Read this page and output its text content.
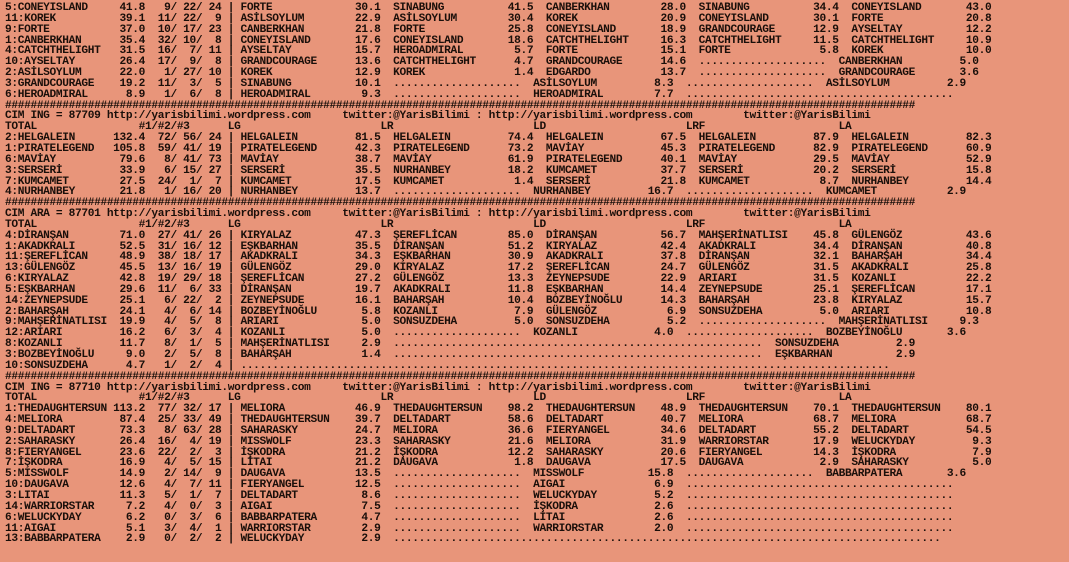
5:CONEYISLAND     41.8   9/ 22/ 24 | FORTE             30.1  SINABUNG          41.5  CANBERKHAN        28.0  SINABUNG          34.4  CONEYISLAND       43.0
11:KOREK          39.1  11/ 22/  9 | ASİLSOYLUM        22.9  ASİLSOYLUM        30.4  KOREK             20.9  CONEYISLAND       30.1  FORTE             20.8
9:FORTE           37.0  10/ 17/ 23 | CANBERKHAN        21.8  FORTE             25.8  CONEYISLAND       18.9  GRANDCOURAGE      12.9  AYSELTAY          12.2
1:CANBERKHAN      35.4  32/ 10/  8 | CONEYISLAND       17.6  CONEYISLAND       18.6  CATCHTHELIGHT     16.3  CATCHTHELIGHT     11.5  CATCHTHELIGHT     10.9
4:CATCHTHELIGHT   31.5  16/  7/ 11 | AYSELTAY          15.7  HEROADMIRAL        5.7  FORTE             15.1  FORTE              5.8  KOREK             10.0
10:AYSELTAY       26.4  17/  9/  8 | GRANDCOURAGE      13.6  CATCHTHELIGHT      4.7  GRANDCOURAGE      14.6  ....................  CANBERKHAN         5.0
2:ASİLSOYLUM      22.0   1/ 27/ 10 | KOREK             12.9  KOREK              1.4  EDGARDO           13.7  ....................  GRANDCOURAGE       3.6
3:GRANDCOURAGE    19.2  11/  3/  5 | SINABUNG          10.1  ....................  ASİLSOYLUM         8.3  ....................  ASİLSOYLUM         2.9
6:HEROADMIRAL      8.9   1/  6/  8 | HEROADMIRAL        9.3  ....................  HEROADMIRAL        7.7  ..........................................
###############################################################################################################################################
CIM ING = 87709 http://yarisbilimi.wordpress.com     twitter:@YarisBilimi : http://yarisbilimi.wordpress.com        twitter:@YarisBilimi
TOTAL                #1/#2/#3      LG                      LR                      LD                      LRF                     LA
2:HELGALEIN      132.4  72/ 56/ 24 | HELGALEIN         81.5  HELGALEIN         74.4  HELGALEIN         67.5  HELGALEIN         87.9  HELGALEIN         82.3
1:PIRATELEGEND   105.8  59/ 41/ 19 | PIRATELEGEND      42.3  PIRATELEGEND      73.2  MAVİAY            45.3  PIRATELEGEND      82.9  PIRATELEGEND      60.9
6:MAVİAY          79.6   8/ 41/ 73 | MAVİAY            38.7  MAVİAY            61.9  PIRATELEGEND      40.1  MAVİAY            29.5  MAVİAY            52.9
3:SERSERİ         33.9   6/ 15/ 27 | SERSERİ           35.5  NURHANBEY         18.2  KUMCAMET          37.7  SERSERİ           20.2  SERSERİ           15.8
7:KUMCAMET        27.5  24/  1/  7 | KUMCAMET          17.5  KUMCAMET           1.4  SERSERİ           21.8  KUMCAMET           8.7  NURHANBEY         14.4
4:NURHANBEY       21.8   1/ 16/ 20 | NURHANBEY         13.7  ....................  NURHANBEY         16.7  ....................  KUMCAMET           2.9
###############################################################################################################################################
CIM ARA = 87701 http://yarisbilimi.wordpress.com     twitter:@YarisBilimi : http://yarisbilimi.wordpress.com        twitter:@YarisBilimi
TOTAL                #1/#2/#3      LG                      LR                      LD                      LRF                     LA
4:DİRANŞAN        71.0  27/ 41/ 26 | KIRYALAZ          47.3  ŞEREFLİCAN        85.0  DİRANŞAN          56.7  MAHŞERİNATLISI    45.8  GÜLENGÖZ          43.6
1:AKADKRALI       52.5  31/ 16/ 12 | EŞKBARHAN         35.5  DİRANŞAN          51.2  KIRYALAZ          42.4  AKADKRALI         34.4  DİRANŞAN          40.8
11:ŞEREFLİCAN     48.9  38/ 18/ 17 | AKADKRALI         34.3  EŞKBARHAN         30.9  AKADKRALI         37.8  DİRANŞAN          32.1  BAHARŞAH          34.4
13:GÜLENGÖZ       45.5  13/ 16/ 19 | GÜLENGÖZ          29.0  KIRYALAZ          17.2  ŞEREFLİCAN        24.7  GÜLENGÖZ          31.5  AKADKRALI         25.8
6:KIRYALAZ        42.8  19/ 29/ 18 | ŞEREFLİCAN        27.2  GÜLENGÖZ          13.3  ZEYNEPSUDE        22.9  ARIARI            31.5  KOZANLI           22.2
5:EŞKBARHAN       29.6  11/  6/ 33 | DİRANŞAN          19.7  AKADKRALI         11.8  EŞKBARHAN         14.4  ZEYNEPSUDE        25.1  ŞEREFLİCAN        17.1
14:ZEYNEPSUDE     25.1   6/ 22/  2 | ZEYNEPSUDE        16.1  BAHARŞAH          10.4  BOZBEYİNOĞLU      14.3  BAHARŞAH          23.8  KIRYALAZ          15.7
2:BAHARŞAH        24.1   4/  6/ 14 | BOZBEYİNOĞLU       5.8  KOZANLI            7.9  GÜLENGÖZ           6.9  SONSUZDEHA         5.0  ARIARI            10.8
9:MAHŞERİNATLISI  19.9   4/  5/  8 | ARIARI             5.0  SONSUZDEHA         5.0  SONSUZDEHA         5.2  ....................  MAHŞERİNATLISI     9.3
12:ARIARI         16.2   6/  3/  4 | KOZANLI            5.0  ....................  KOZANLI            4.0  ....................  BOZBEYİNOĞLU       3.6
8:KOZANLI         11.7   8/  1/  5 | MAHŞERİNATLISI     2.9  ..........................................................  SONSUZDEHA         2.9
3:BOZBEYİNOĞLU     9.0   2/  5/  8 | BAHARŞAH           1.4  ..........................................................  EŞKBARHAN          2.9
10:SONSUZDEHA      4.7   1/  2/  4 | ......................................................................................................
###############################################################################################################################################
CIM ING = 87710 http://yarisbilimi.wordpress.com     twitter:@YarisBilimi : http://yarisbilimi.wordpress.com        twitter:@YarisBilimi
TOTAL                #1/#2/#3      LG                      LR                      LD                      LRF                     LA
1:THEDAUGHTERSUN 113.2  77/ 32/ 17 | MELIORA           46.9  THEDAUGHTERSUN    98.2  THEDAUGHTERSUN    48.9  THEDAUGHTERSUN    70.1  THEDAUGHTERSUN    80.1
4:MELIORA         87.4  25/ 33/ 49 | THEDAUGHTERSUN    39.7  DELTADART         58.6  DELTADART         40.7  MELIORA           68.7  MELIORA           68.7
9:DELTADART       73.3   8/ 63/ 28 | SAHARASKY         24.7  MELIORA           36.6  FIERYANGEL        34.6  DELTADART         55.2  DELTADART         54.5
2:SAHARASKY       26.4  16/  4/ 19 | MISSWOLF          23.3  SAHARASKY         21.6  MELIORA           31.9  WARRIORSTAR       17.9  WELUCKYDAY         9.3
8:FIERYANGEL      23.6  22/  2/  3 | İŞKODRA           21.2  İŞKODRA           12.2  SAHARASKY         20.6  FIERYANGEL        14.3  İŞKODRA            7.9
7:İŞKODRA         16.9   4/  5/ 15 | LİTAI             21.2  DAUGAVA            1.8  DAUGAVA           17.5  DAUGAVA            2.9  SAHARASKY          5.0
5:MISSWOLF        14.9   2/ 14/  9 | DAUGAVA           13.5  ....................  MISSWOLF          15.8  ....................  BABBARPATERA       3.6
10:DAUGAVA        12.6   4/  7/ 11 | FIERYANGEL        12.5  ....................  AIGAI              6.9  ..........................................
3:LITAI           11.3   5/  1/  7 | DELTADART          8.6  ....................  WELUCKYDAY         5.2  ..........................................
14:WARRIORSTAR     7.2   4/  0/  3 | AIGAI              7.5  ....................  İŞKODRA            2.6  ..........................................
6:WELUCKYDAY       6.2   0/  3/  6 | BABBARPATERA       4.7  ....................  LİTAI              2.6  ..........................................
11:AIGAI           5.1   3/  4/  1 | WARRIORSTAR        2.9  ....................  WARRIORSTAR        2.0  ..........................................
13:BABBARPATERA    2.9   0/  2/  2 | WELUCKYDAY         2.9  ......................................................................................
